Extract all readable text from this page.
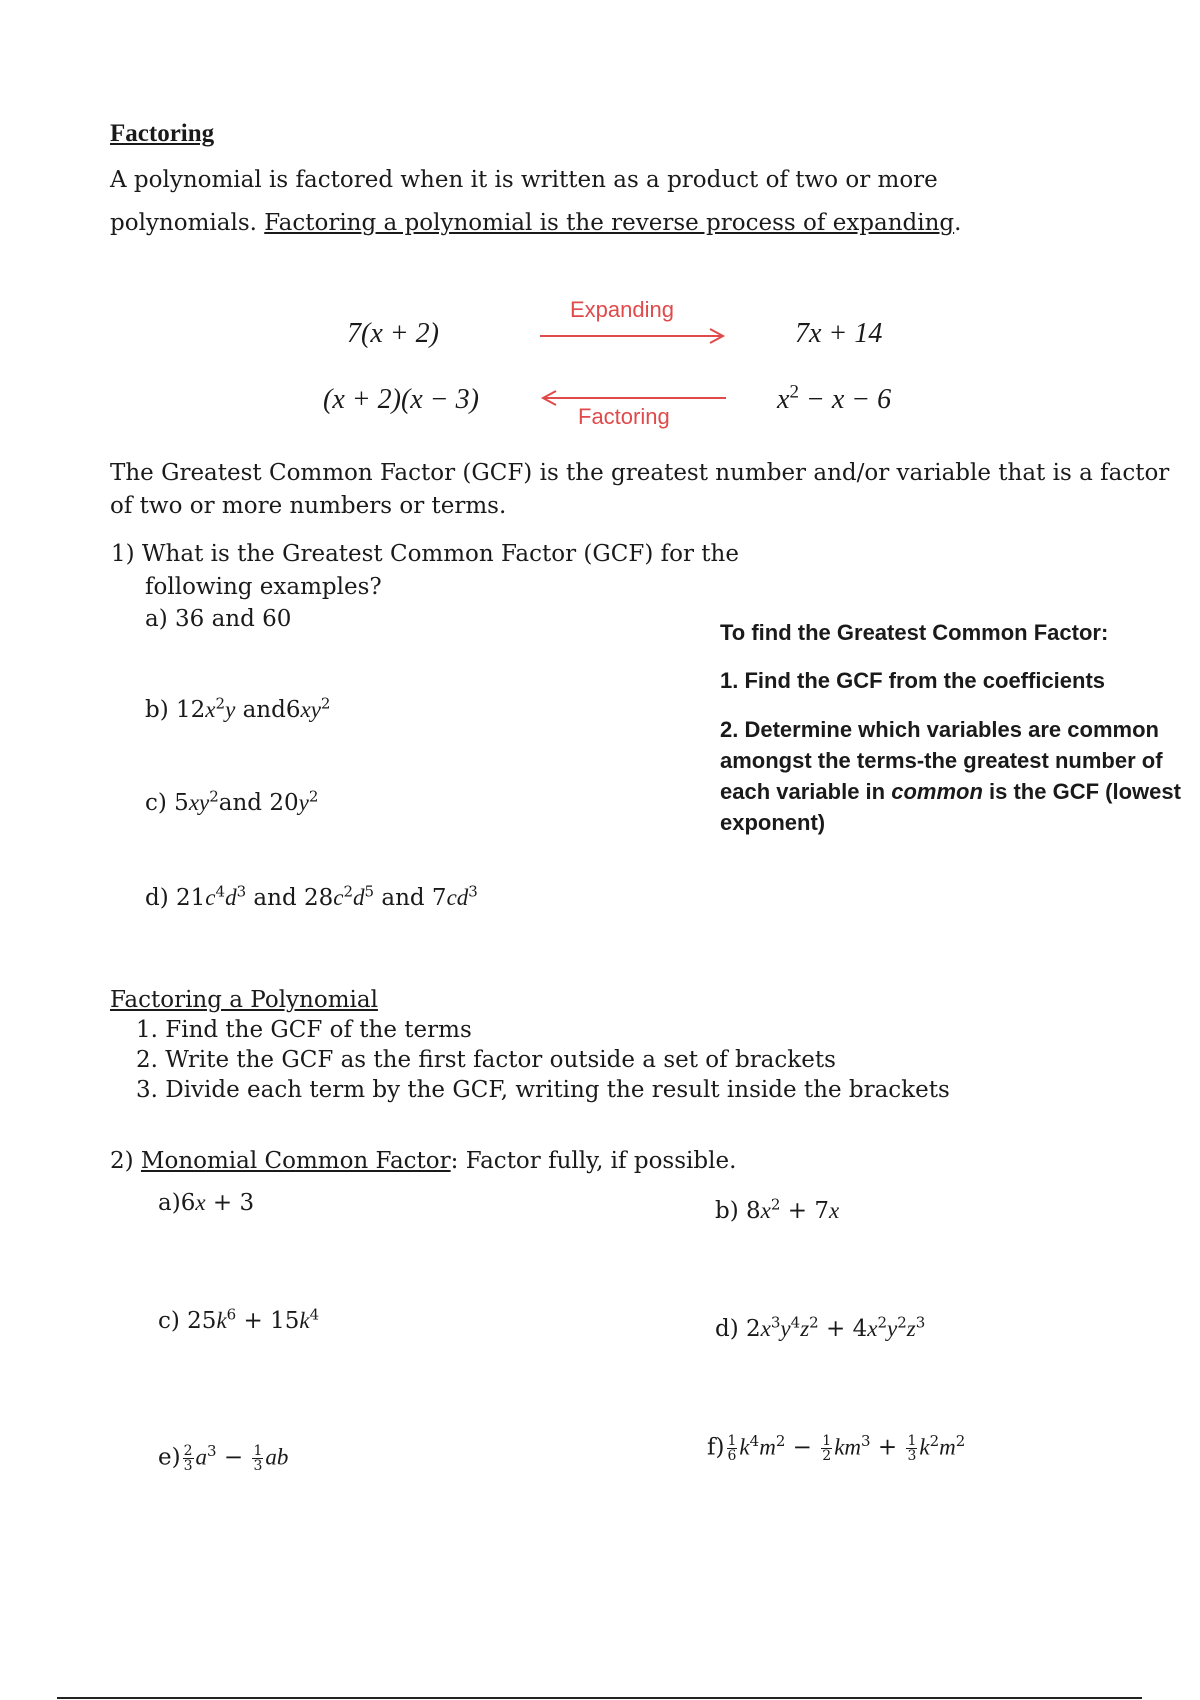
Factoring
A polynomial is factored when it is written as a product of two or more
polynomials. Factoring a polynomial is the reverse process of expanding.
7(x + 2)
Expanding
7x + 14
(x + 2)(x − 3)
Factoring
$x^2 - x - 6$
The Greatest Common Factor (GCF) is the greatest number and/or variable that is a factor
of two or more numbers or terms.
1) What is the Greatest Common Factor (GCF) for the
following examples?
a) 36 and 60
b) $12x^2y$ $and6xy^2$
c) $5xy^2and$ $20y^2$
d) $21c^4d^3$ and $28c^2d^5$ and $7cd^3$
To find the Greatest Common Factor:
1. Find the GCF from the coefficients
2. Determine which variables are common
amongst the terms-the greatest number of
each variable in common is the GCF (lowest
exponent)
Factoring a Polynomial
1. Find the GCF of the terms
2. Write the GCF as the first factor outside a set of brackets
3. Divide each term by the GCF, writing the result inside the brackets
2) Monomial Common Factor: Factor fully, if possible.
a)6x + 3	b) $8x^2 + 7x$
c) $25k^6 + 15k^4$
d) $2x^3y^4z^2 + 4x^2y^2z^3$
$e) \frac{2}{3} a^3 - \frac{1}{3}$ ab	$f) \frac{1}{6} k^4m^2 - \frac{1}{2} km^3 + \frac{1}{3} k^2m^2$
